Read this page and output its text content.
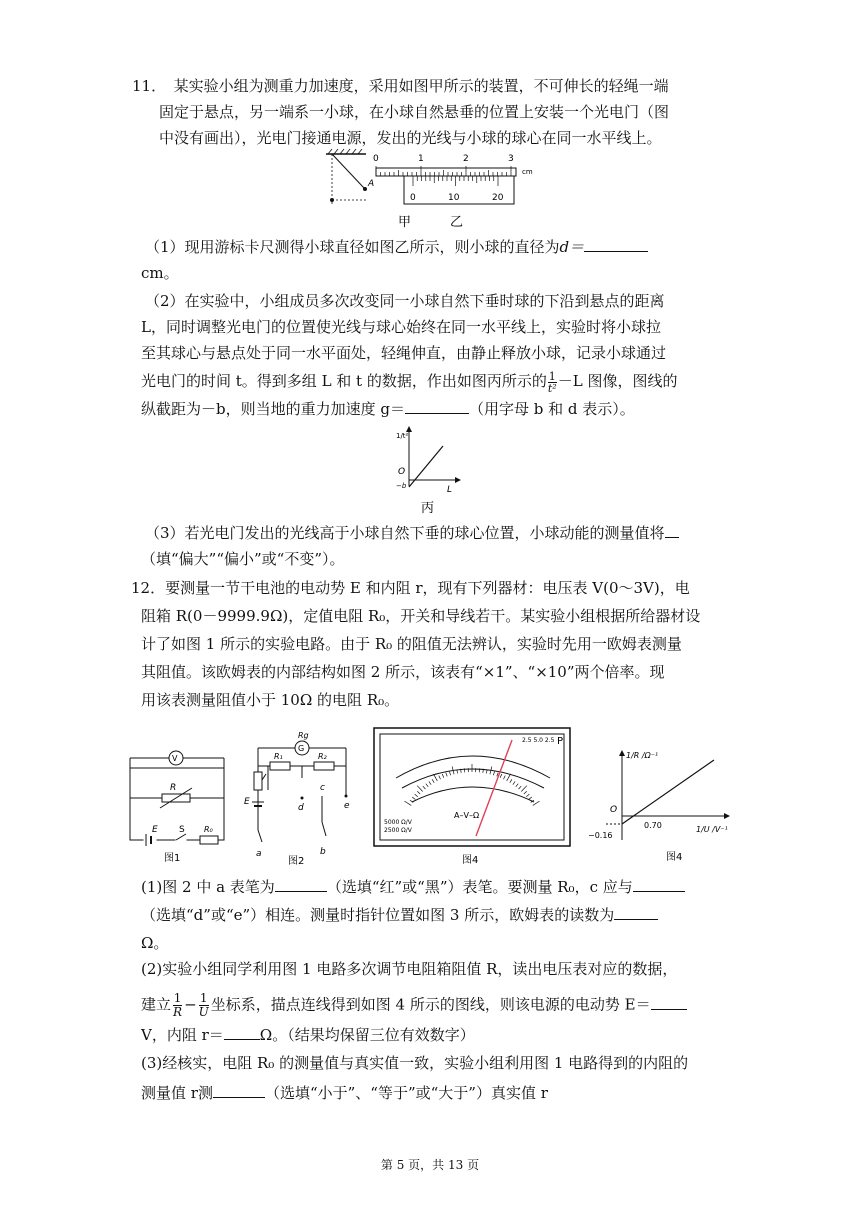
11．　某实验小组为测重力加速度，采用如图甲所示的装置，不可伸长的轻绳一端
固定于悬点，另一端系一小球，在小球自然悬垂的位置上安装一个光电门（图
中没有画出），光电门接通电源，发出的光线与小球的球心在同一水平线上。
A
0	1	2	3
cm
0	10	20
甲	乙
（1）现用游标卡尺测得小球直径如图乙所示，则小球的直径为d＝
cm。
（2）在实验中，小组成员多次改变同一小球自然下垂时球的下沿到悬点的距离
L，同时调整光电门的位置使光线与球心始终在同一水平线上，实验时将小球拉
至其球心与悬点处于同一水平面处，轻绳伸直，由静止释放小球，记录小球通过
光电门的时间 t。得到多组 L 和 t 的数据，作出如图丙所示的 $\frac{1}{\text{t²}} -L$ 图像，图线的
纵截距为－b，则当地的重力加速度 g＝	（用字母 b 和 d 表示）。
1/t²
O
−b	L
丙
（3）若光电门发出的光线高于小球自然下垂的球心位置，小球动能的测量值将
（填“偏大”“偏小”或“不变”）。
12．要测量一节干电池的电动势 E 和内阻 r，现有下列器材：电压表 V(0～3V)，电
阻箱 R(0－9999.9Ω)，定值电阻 R₀，开关和导线若干。某实验小组根据所给器材设
计了如图 1 所示的实验电路。由于 R₀ 的阻值无法辨认，实验时先用一欧姆表测量
其阻值。该欧姆表的内部结构如图 2 所示，该表有“×1”、“×10”两个倍率。现
用该表测量阻值小于 10Ω 的电阻 R₀。
V
R
E S R₀
图1
Rg
G
R₁	R₂
E
a
d	e
c
b
图2
2.5 5.0 2.5 P
A–V–Ω
5000 Ω/V
2500 Ω/V
图4
1/R /Ω⁻¹
O
0.70
−0.16
1/U /V⁻¹
图4
(1)图 2 中 a 表笔为	（选填“红”或“黑”）表笔。要测量 R₀，c 应与
（选填“d”或“e”）相连。测量时指针位置如图 3 所示，欧姆表的读数为
Ω。
(2)实验小组同学利用图 1 电路多次调节电阻箱阻值 R，读出电压表对应的数据，
建立 $\frac{1}{R} - \frac{1}{U}$ 坐标系，描点连线得到如图 4 所示的图线，则该电源的电动势 E＝
V，内阻 r＝ Ω。（结果均保留三位有效数字）
(3)经核实，电阻 R₀ 的测量值与真实值一致，实验小组利用图 1 电路得到的内阻的
测量值 r测	（选填“小于”、“等于”或“大于”）真实值 r
第 5 页，共 13 页
